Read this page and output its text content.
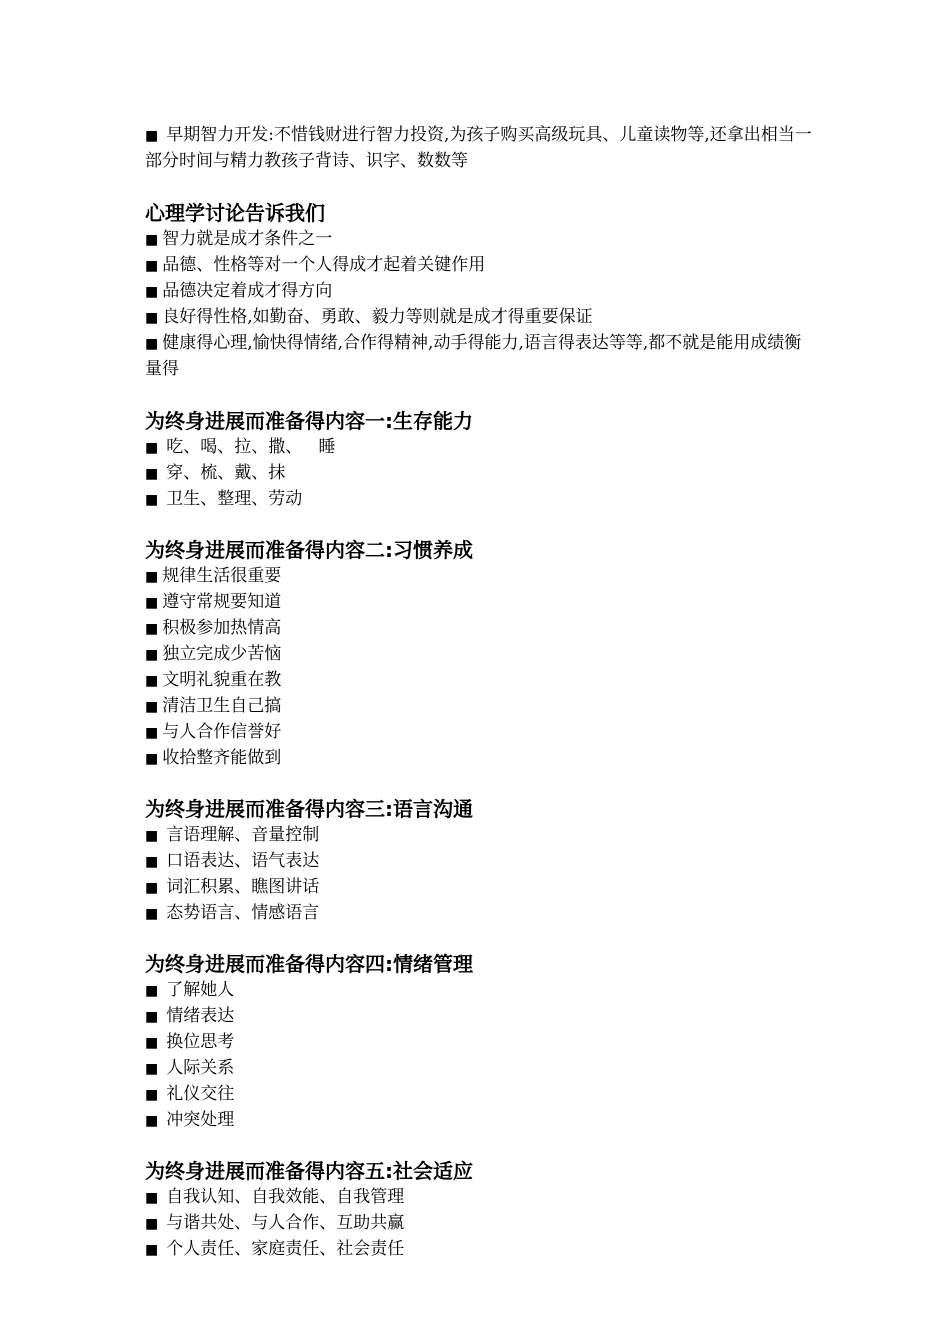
■ 早期智力开发:不惜钱财进行智力投资,为孩子购买高级玩具、儿童读物等,还拿出相当一部分时间与精力教孩子背诗、识字、数数等

心理学讨论告诉我们

■ 智力就是成才条件之一

■ 品德、性格等对一个人得成才起着关键作用

■ 品德决定着成才得方向

■ 良好得性格,如勤奋、勇敢、毅力等则就是成才得重要保证

■ 健康得心理,愉快得情绪,合作得精神,动手得能力,语言得表达等等,都不就是能用成绩衡量得

为终身进展而准备得内容一:生存能力

■ 吃、喝、拉、撒、   睡

■ 穿、梳、戴、抹

■ 卫生、整理、劳动

为终身进展而准备得内容二:习惯养成

■ 规律生活很重要

■ 遵守常规要知道

■ 积极参加热情高

■ 独立完成少苦恼

■ 文明礼貌重在教

■ 清洁卫生自己搞

■ 与人合作信誉好

■ 收拾整齐能做到

为终身进展而准备得内容三:语言沟通

■ 言语理解、音量控制

■ 口语表达、语气表达

■ 词汇积累、瞧图讲话

■ 态势语言、情感语言

为终身进展而准备得内容四:情绪管理

■ 了解她人

■ 情绪表达

■ 换位思考

■ 人际关系

■ 礼仪交往

■ 冲突处理

为终身进展而准备得内容五:社会适应

■ 自我认知、自我效能、自我管理

■ 与谐共处、与人合作、互助共赢

■ 个人责任、家庭责任、社会责任
